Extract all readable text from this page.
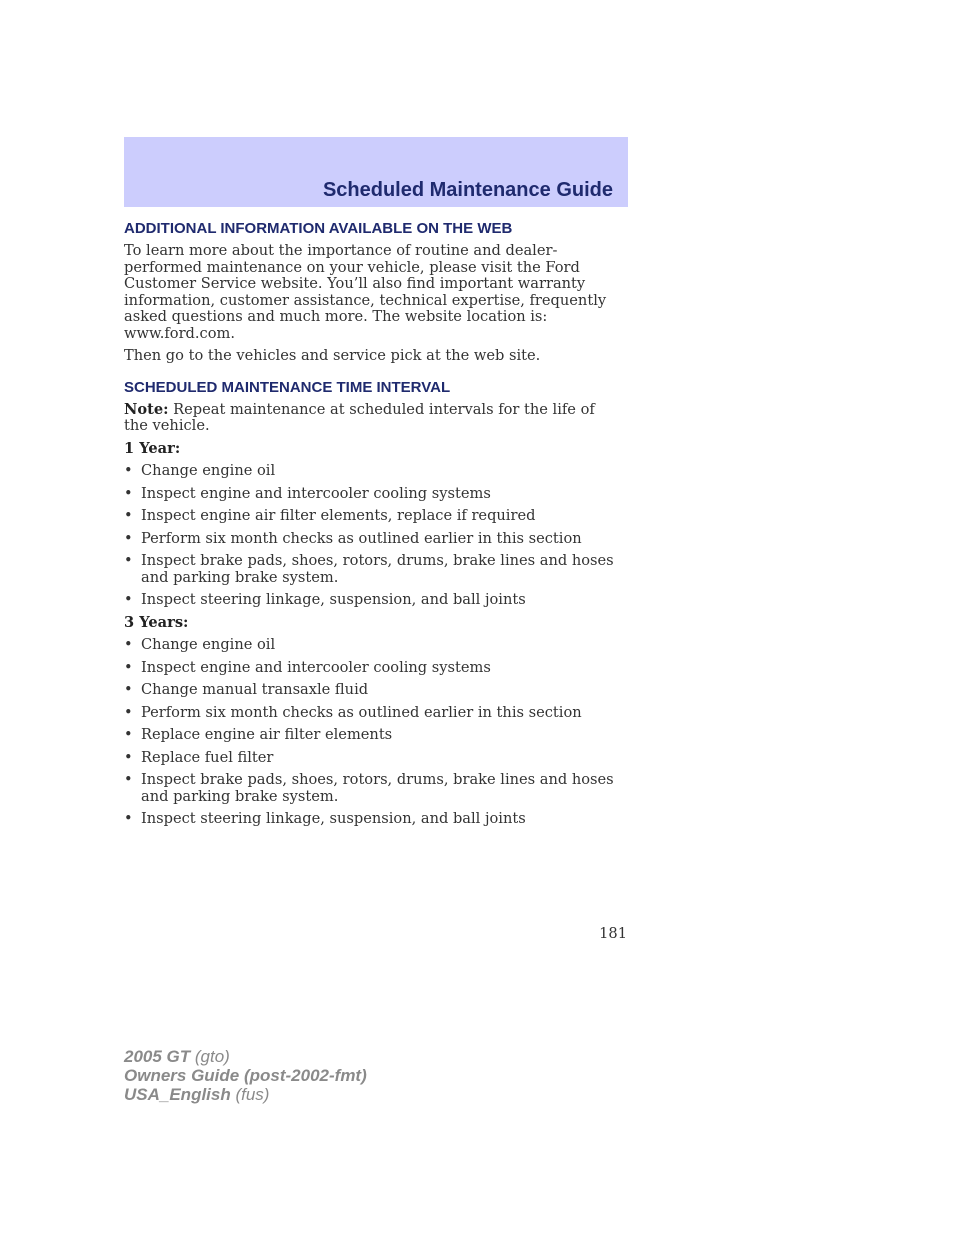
Scheduled Maintenance Guide
ADDITIONAL INFORMATION AVAILABLE ON THE WEB

To learn more about the importance of routine and dealer-performed maintenance on your vehicle, please visit the Ford Customer Service website. You’ll also find important warranty information, customer assistance, technical expertise, frequently asked questions and much more. The website location is: www.ford.com.

Then go to the vehicles and service pick at the web site.

SCHEDULED MAINTENANCE TIME INTERVAL

Note: Repeat maintenance at scheduled intervals for the life of the vehicle.

1 Year:
• Change engine oil
• Inspect engine and intercooler cooling systems
• Inspect engine air filter elements, replace if required
• Perform six month checks as outlined earlier in this section
• Inspect brake pads, shoes, rotors, drums, brake lines and hoses and parking brake system.
• Inspect steering linkage, suspension, and ball joints
3 Years:
• Change engine oil
• Inspect engine and intercooler cooling systems
• Change manual transaxle fluid
• Perform six month checks as outlined earlier in this section
• Replace engine air filter elements
• Replace fuel filter
• Inspect brake pads, shoes, rotors, drums, brake lines and hoses and parking brake system.
• Inspect steering linkage, suspension, and ball joints
181
2005 GT (gto)
Owners Guide (post-2002-fmt)
USA_English (fus)
